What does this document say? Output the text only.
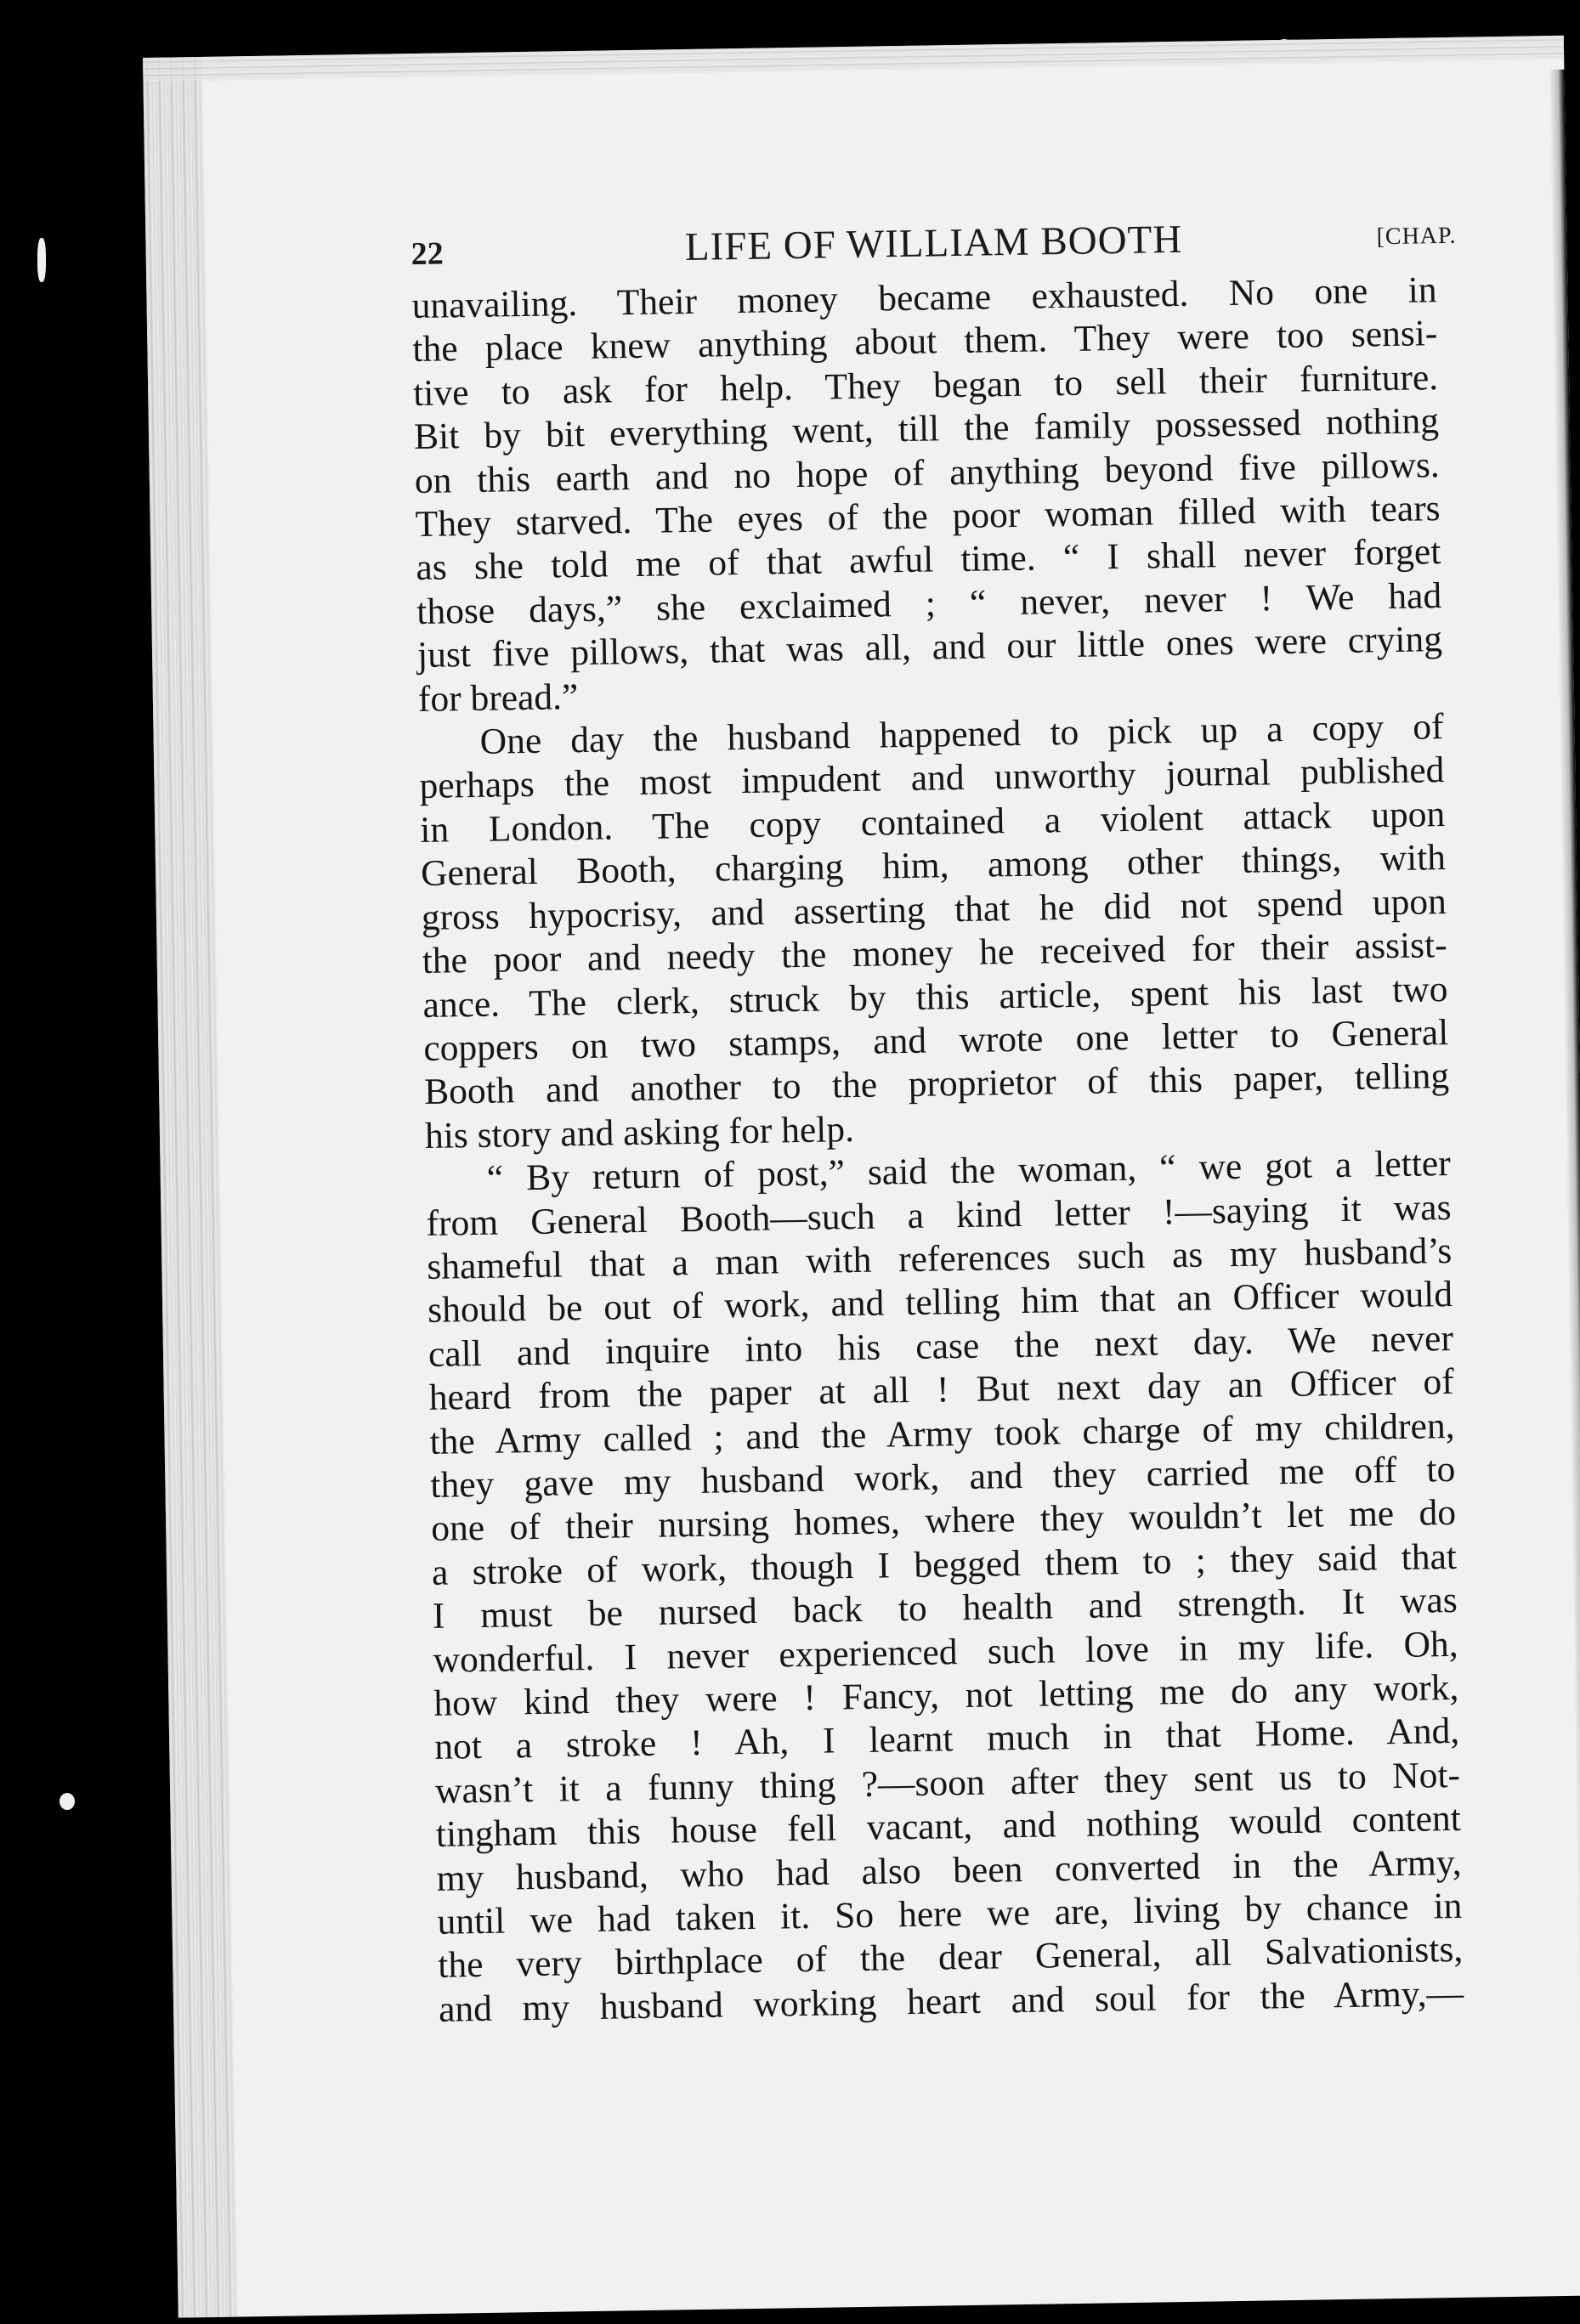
22	LIFE OF WILLIAM BOOTH	[CHAP.
unavailing. Their money became exhausted. No one in
the place knew anything about them. They were too sensi-
tive to ask for help. They began to sell their furniture.
Bit by bit everything went, till the family possessed nothing
on this earth and no hope of anything beyond five pillows.
They starved. The eyes of the poor woman filled with tears
as she told me of that awful time. “ I shall never forget
those days,” she exclaimed ; “ never, never ! We had
just five pillows, that was all, and our little ones were crying
for bread.”
One day the husband happened to pick up a copy of
perhaps the most impudent and unworthy journal published
in London. The copy contained a violent attack upon
General Booth, charging him, among other things, with
gross hypocrisy, and asserting that he did not spend upon
the poor and needy the money he received for their assist-
ance. The clerk, struck by this article, spent his last two
coppers on two stamps, and wrote one letter to General
Booth and another to the proprietor of this paper, telling
his story and asking for help.
“ By return of post,” said the woman, “ we got a letter
from General Booth—such a kind letter !—saying it was
shameful that a man with references such as my husband’s
should be out of work, and telling him that an Officer would
call and inquire into his case the next day. We never
heard from the paper at all ! But next day an Officer of
the Army called ; and the Army took charge of my children,
they gave my husband work, and they carried me off to
one of their nursing homes, where they wouldn’t let me do
a stroke of work, though I begged them to ; they said that
I must be nursed back to health and strength. It was
wonderful. I never experienced such love in my life. Oh,
how kind they were ! Fancy, not letting me do any work,
not a stroke ! Ah, I learnt much in that Home. And,
wasn’t it a funny thing ?—soon after they sent us to Not-
tingham this house fell vacant, and nothing would content
my husband, who had also been converted in the Army,
until we had taken it. So here we are, living by chance in
the very birthplace of the dear General, all Salvationists,
and my husband working heart and soul for the Army,—
